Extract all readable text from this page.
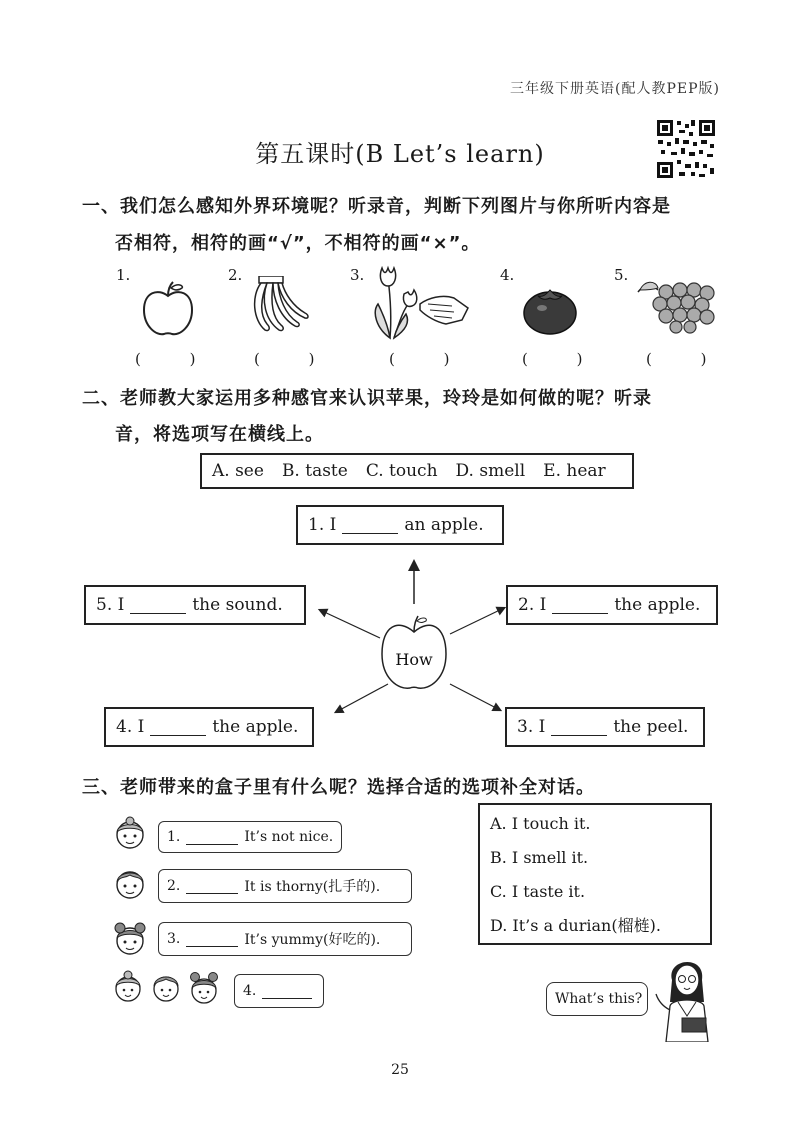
三年级下册英语(配人教PEP版)
第五课时(B Let’s learn)
一、我们怎么感知外界环境呢？听录音，判断下列图片与你所听内容是
否相符，相符的画“√”，不相符的画“×”。
1.	2.	3.	4.	5.
( ) ( )	( )	( )	( )
二、老师教大家运用多种感官来认识苹果，玲玲是如何做的呢？听录
音，将选项写在横线上。
A. see B. taste C. touch D. smell E. hear
1. I	an apple.
5. I	the sound.	2. I	the apple.
4. I	the apple.	3. I	the peel.
How
三、老师带来的盒子里有什么呢？选择合适的选项补全对话。
1.	It’s not nice.
2.	It is thorny(扎手的).
3.	It’s yummy(好吃的).
4.
A. I touch it.
B. I smell it.
C. I taste it.
D. It’s a durian(榴梿).
What’s this?
25
